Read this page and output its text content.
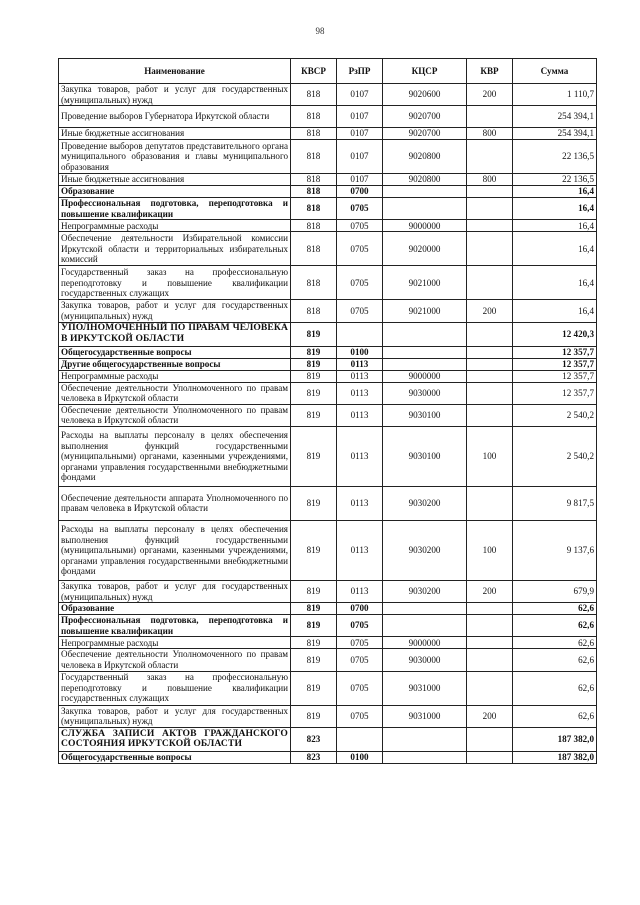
98
Наименование	КВСР	РзПР	КЦСР	КВР	Сумма
Закупка товаров, работ и услуг для государственных (муниципальных) нужд	818	0107	9020600	200	1 110,7
Проведение выборов Губернатора Иркутской области	818	0107	9020700		254 394,1
Иные бюджетные ассигнования	818	0107	9020700	800	254 394,1
Проведение выборов депутатов представительного органа муниципального образования и главы муниципального образования	818	0107	9020800		22 136,5
Иные бюджетные ассигнования	818	0107	9020800	800	22 136,5
Образование	818	0700			16,4
Профессиональная подготовка, переподготовка и повышение квалификации	818	0705			16,4
Непрограммные расходы	818	0705	9000000		16,4
Обеспечение деятельности Избирательной комиссии Иркутской области и территориальных избирательных комиссий	818	0705	9020000		16,4
Государственный заказ на профессиональную переподготовку и повышение квалификации государственных служащих	818	0705	9021000		16,4
Закупка товаров, работ и услуг для государственных (муниципальных) нужд	818	0705	9021000	200	16,4
УПОЛНОМОЧЕННЫЙ ПО ПРАВАМ ЧЕЛОВЕКА В ИРКУТСКОЙ ОБЛАСТИ	819				12 420,3
Общегосударственные вопросы	819	0100			12 357,7
Другие общегосударственные вопросы	819	0113			12 357,7
Непрограммные расходы	819	0113	9000000		12 357,7
Обеспечение деятельности Уполномоченного по правам человека в Иркутской области	819	0113	9030000		12 357,7
Обеспечение деятельности Уполномоченного по правам человека в Иркутской области	819	0113	9030100		2 540,2
Расходы на выплаты персоналу в целях обеспечения выполнения функций государственными (муниципальными) органами, казенными учреждениями, органами управления государственными внебюджетными фондами	819	0113	9030100	100	2 540,2
Обеспечение деятельности аппарата Уполномоченного по правам человека в Иркутской области	819	0113	9030200		9 817,5
Расходы на выплаты персоналу в целях обеспечения выполнения функций государственными (муниципальными) органами, казенными учреждениями, органами управления государственными внебюджетными фондами	819	0113	9030200	100	9 137,6
Закупка товаров, работ и услуг для государственных (муниципальных) нужд	819	0113	9030200	200	679,9
Образование	819	0700			62,6
Профессиональная подготовка, переподготовка и повышение квалификации	819	0705			62,6
Непрограммные расходы	819	0705	9000000		62,6
Обеспечение деятельности Уполномоченного по правам человека в Иркутской области	819	0705	9030000		62,6
Государственный заказ на профессиональную переподготовку и повышение квалификации государственных служащих	819	0705	9031000		62,6
Закупка товаров, работ и услуг для государственных (муниципальных) нужд	819	0705	9031000	200	62,6
СЛУЖБА ЗАПИСИ АКТОВ ГРАЖДАНСКОГО СОСТОЯНИЯ ИРКУТСКОЙ ОБЛАСТИ	823				187 382,0
Общегосударственные вопросы	823	0100			187 382,0
